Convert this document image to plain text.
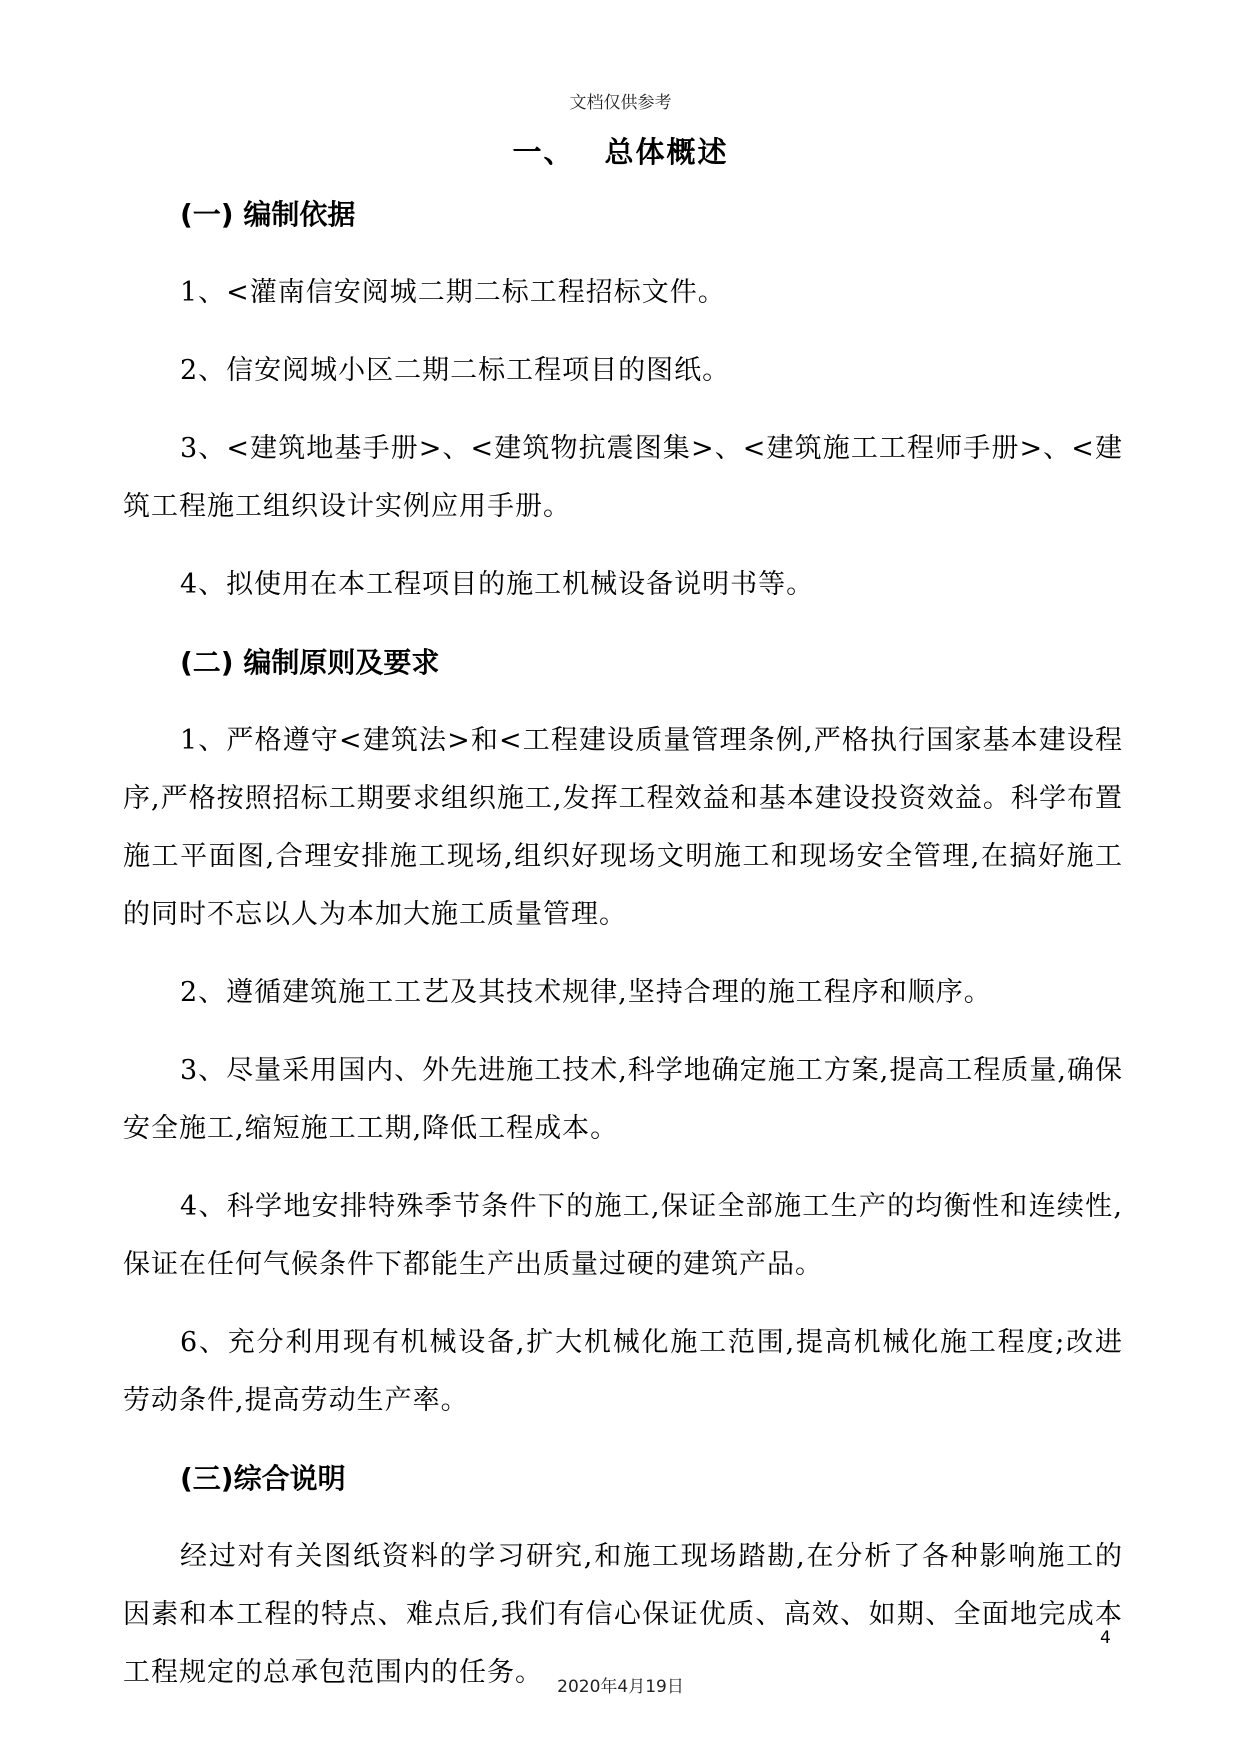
文档仅供参考
一、 总体概述
(一) 编制依据

1、<灌南信安阅城二期二标工程招标文件。

2、信安阅城小区二期二标工程项目的图纸。

3、<建筑地基手册>、<建筑物抗震图集>、<建筑施工工程师手册>、<建筑工程施工组织设计实例应用手册。

4、拟使用在本工程项目的施工机械设备说明书等。

(二) 编制原则及要求

1、严格遵守<建筑法>和<工程建设质量管理条例,严格执行国家基本建设程序,严格按照招标工期要求组织施工,发挥工程效益和基本建设投资效益。科学布置施工平面图,合理安排施工现场,组织好现场文明施工和现场安全管理,在搞好施工的同时不忘以人为本加大施工质量管理。

2、遵循建筑施工工艺及其技术规律,坚持合理的施工程序和顺序。

3、尽量采用国内、外先进施工技术,科学地确定施工方案,提高工程质量,确保安全施工,缩短施工工期,降低工程成本。

4、科学地安排特殊季节条件下的施工,保证全部施工生产的均衡性和连续性,保证在任何气候条件下都能生产出质量过硬的建筑产品。

6、充分利用现有机械设备,扩大机械化施工范围,提高机械化施工程度;改进劳动条件,提高劳动生产率。

(三)综合说明

经过对有关图纸资料的学习研究,和施工现场踏勘,在分析了各种影响施工的因素和本工程的特点、难点后,我们有信心保证优质、高效、如期、全面地完成本工程规定的总承包范围内的任务。

4
2020年4月19日
